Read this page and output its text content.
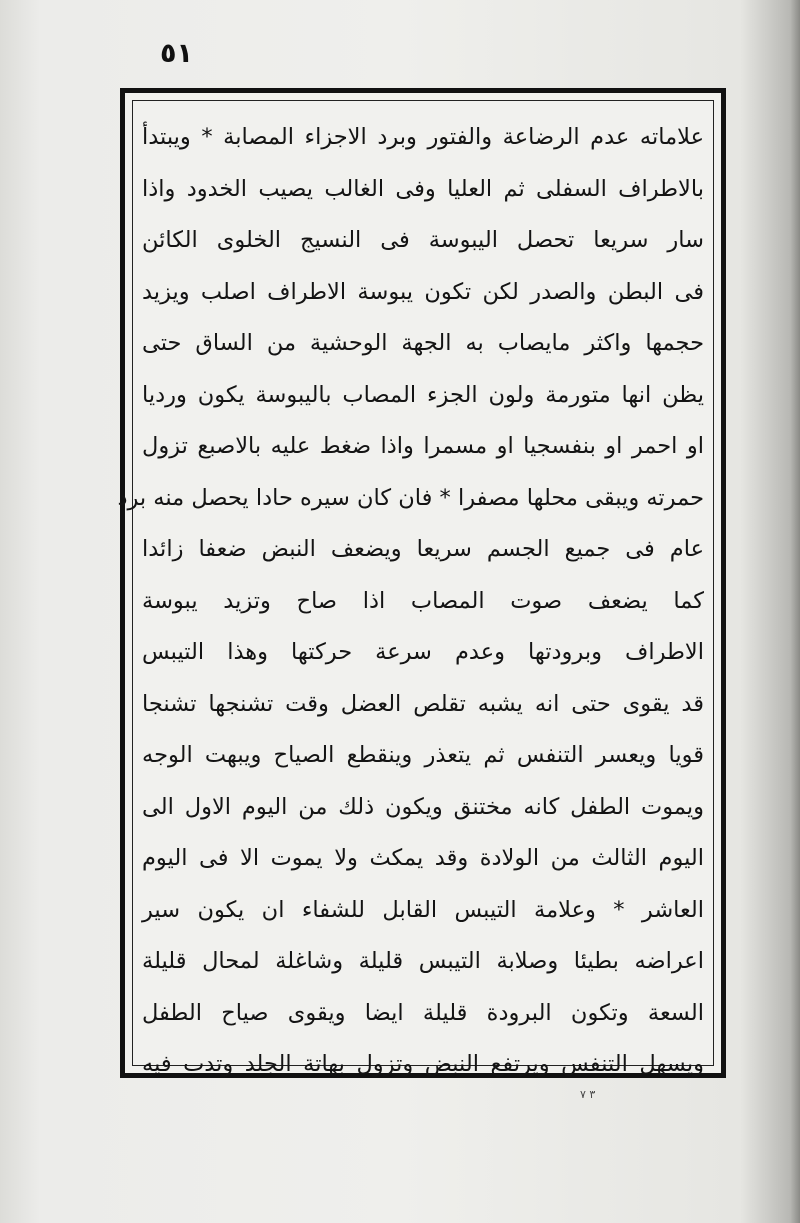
٥١
علاماته عدم الرضاعة والفتور وبرد الاجزاء المصابة * ويبتدأ
بالاطراف السفلى ثم العليا وفى الغالب يصيب الخدود واذا
سار سريعا تحصل اليبوسة فى النسيج الخلوى الكائن
فى البطن والصدر لكن تكون يبوسة الاطراف اصلب ويزيد
حجمها واكثر مايصاب به الجهة الوحشية من الساق حتى
يظن انها متورمة ولون الجزء المصاب باليبوسة يكون ورديا
او احمر او بنفسجيا او مسمرا واذا ضغط عليه بالاصبع تزول
حمرته ويبقى محلها مصفرا * فان كان سيره حادا يحصل منه برد
عام فى جميع الجسم سريعا ويضعف النبض ضعفا زائدا
كما يضعف صوت المصاب اذا صاح وتزيد يبوسة
الاطراف وبرودتها وعدم سرعة حركتها وهذا التيبس
قد يقوى حتى انه يشبه تقلص العضل وقت تشنجها تشنجا
قويا ويعسر التنفس ثم يتعذر وينقطع الصياح ويبهت الوجه
ويموت الطفل كانه مختنق ويكون ذلك من اليوم الاول الى
اليوم الثالث من الولادة وقد يمكث ولا يموت الا فى اليوم
العاشر * وعلامة التيبس القابل للشفاء ان يكون سير
اعراضه بطيئا وصلابة التيبس قليلة وشاغلة لمحال قليلة
السعة وتكون البرودة قليلة ايضا ويقوى صياح الطفل
ويسهل التنفس ويرتفع النبض وتزول بهاتة الجلد وتدب فيه
٣ ٧
